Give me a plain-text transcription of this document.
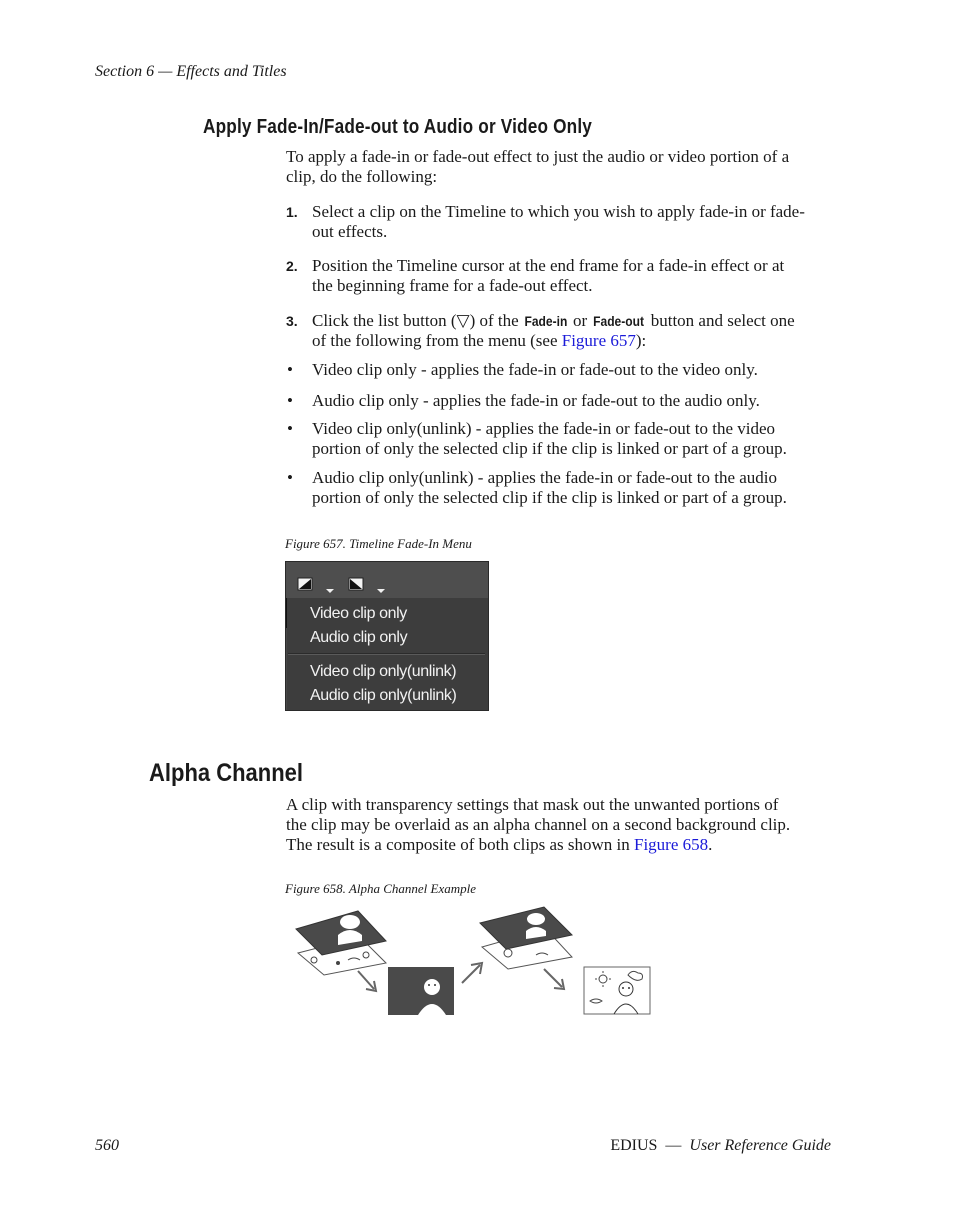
Section 6 — Effects and Titles
Apply Fade-In/Fade-out to Audio or Video Only
To apply a fade-in or fade-out effect to just the audio or video portion of a
clip, do the following:
1. Select a clip on the Timeline to which you wish to apply fade-in or fade-
out effects.
2. Position the Timeline cursor at the end frame for a fade-in effect or at
the beginning frame for a fade-out effect.
3. Click the list button (▽) of the Fade-in or Fade-out button and select one
of the following from the menu (see Figure 657):
• Video clip only - applies the fade-in or fade-out to the video only.
• Audio clip only - applies the fade-in or fade-out to the audio only.
• Video clip only(unlink) - applies the fade-in or fade-out to the video
portion of only the selected clip if the clip is linked or part of a group.
• Audio clip only(unlink) - applies the fade-in or fade-out to the audio
portion of only the selected clip if the clip is linked or part of a group.
Figure 657. Timeline Fade-In Menu
Video clip only
Audio clip only
Video clip only(unlink)
Audio clip only(unlink)
Alpha Channel
A clip with transparency settings that mask out the unwanted portions of
the clip may be overlaid as an alpha channel on a second background clip.
The result is a composite of both clips as shown in Figure 658.
Figure 658. Alpha Channel Example
560	EDIUS — User Reference Guide
